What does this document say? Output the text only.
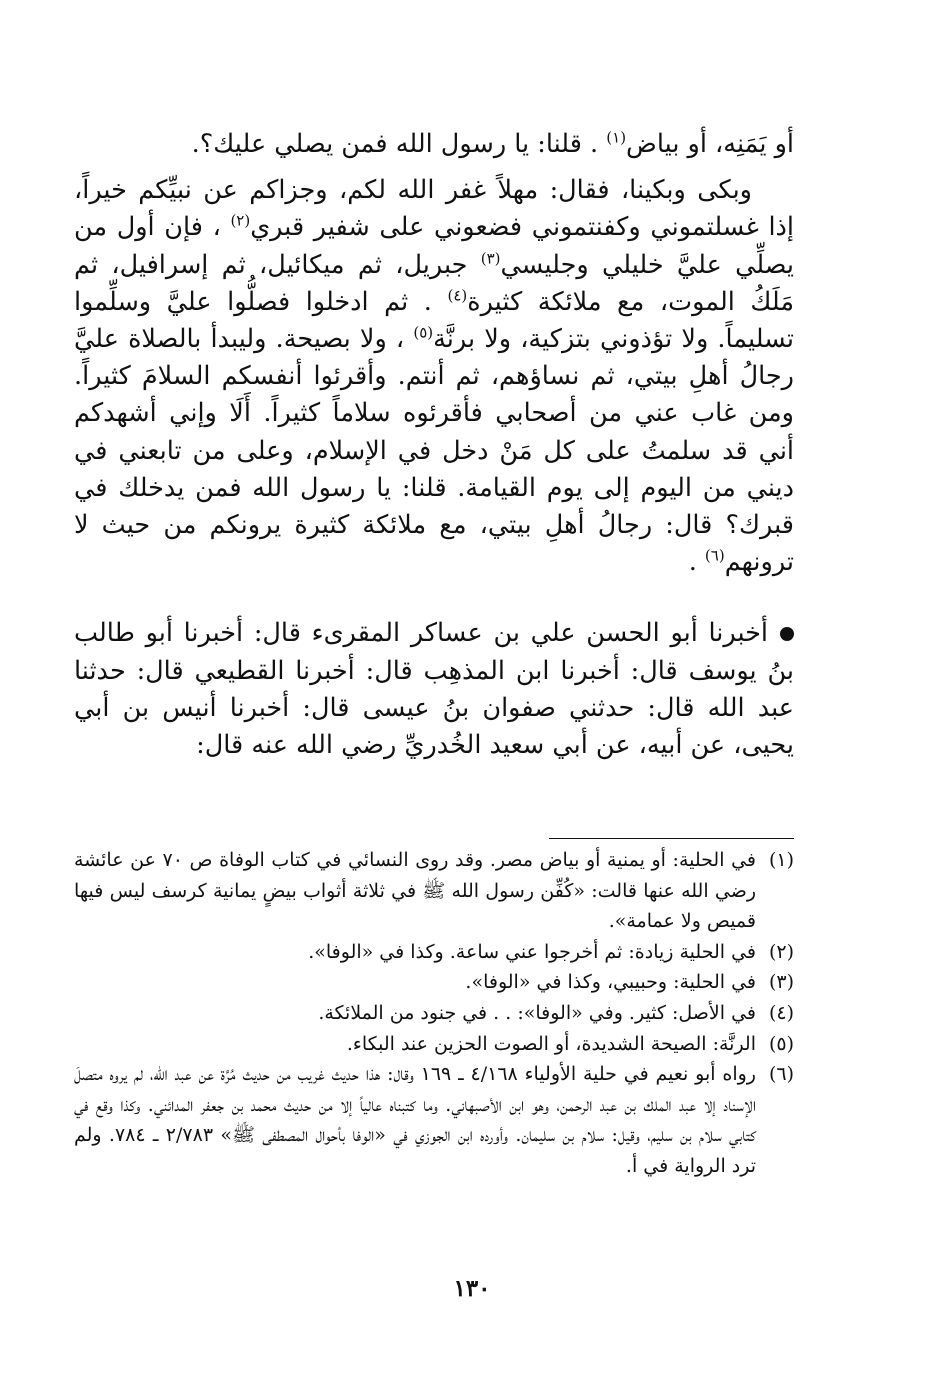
أو يَمَنِه، أو بياض$^{(١)}$ . قلنا: يا رسول الله فمن يصلي عليك؟.

وبكى وبكينا، فقال: مهلاً غفر الله لكم، وجزاكم عن نبيِّكم خيراً، إذا غسلتموني وكفنتموني فضعوني على شفير قبري$^{(٢)}$ ، فإن أول من يصلِّي عليَّ خليلي وجليسي$^{(٣)}$ جبريل، ثم ميكائيل، ثم إسرافيل، ثم مَلَكُ الموت، مع ملائكة كثيرة$^{(٤)}$ . ثم ادخلوا فصلُّوا عليَّ وسلِّموا تسليماً. ولا تؤذوني بتزكية، ولا برنَّة$^{(٥)}$ ، ولا بصيحة. وليبدأ بالصلاة عليَّ رجالُ أهلِ بيتي، ثم نساؤهم، ثم أنتم. وأقرئوا أنفسكم السلامَ كثيراً. ومن غاب عني من أصحابي فأقرئوه سلاماً كثيراً. أَلَا وإني أشهدكم أني قد سلمتُ على كل مَنْ دخل في الإسلام، وعلى من تابعني في ديني من اليوم إلى يوم القيامة. قلنا: يا رسول الله فمن يدخلك في قبرك؟ قال: رجالُ أهلِ بيتي، مع ملائكة كثيرة يرونكم من حيث لا ترونهم$^{(٦)}$ .

أخبرنا أبو الحسن علي بن عساكر المقرىء قال: أخبرنا أبو طالب بنُ يوسف قال: أخبرنا ابن المذهِب قال: أخبرنا القطيعي قال: حدثنا عبد الله قال: حدثني صفوان بنُ عيسى قال: أخبرنا أنيس بن أبي يحيى، عن أبيه، عن أبي سعيد الخُدريِّ رضي الله عنه قال:

(١)
في الحلية: أو يمنية أو بياض مصر. وقد روى النسائي في كتاب الوفاة ص ٧٠ عن عائشة رضي الله عنها قالت: «كُفِّن رسول الله ﷺ في ثلاثة أثواب بيضٍ يمانية كرسف ليس فيها قميص ولا عمامة».

(٢)
في الحلية زيادة: ثم أخرجوا عني ساعة. وكذا في «الوفا».

(٣)
في الحلية: وحبيبي، وكذا في «الوفا».

(٤)
في الأصل: كثير. وفي «الوفا»: . . في جنود من الملائكة.

(٥)
الرنَّة: الصيحة الشديدة، أو الصوت الحزين عند البكاء.

(٦)
رواه أبو نعيم في حلية الأولياء ٤/١٦٨ ـ ١٦٩ وقال: هذا حديث غريب من حديث مُرَّة عن عبد الله، لم يروه متصلَ الإسناد إلا عبد الملك بن عبد الرحمن، وهو ابن الأصبهاني. وما كتبناه عالياً إلا من حديث محمد بن جعفر المدائني. وكذا وقع في كتابي سلام بن سليم، وقيل: سلام بن سليمان. وأورده ابن الجوزي في «الوفا بأحوال المصطفى ﷺ» ٢/٧٨٣ ـ ٧٨٤. ولم ترد الرواية في أ.

١٣٠
